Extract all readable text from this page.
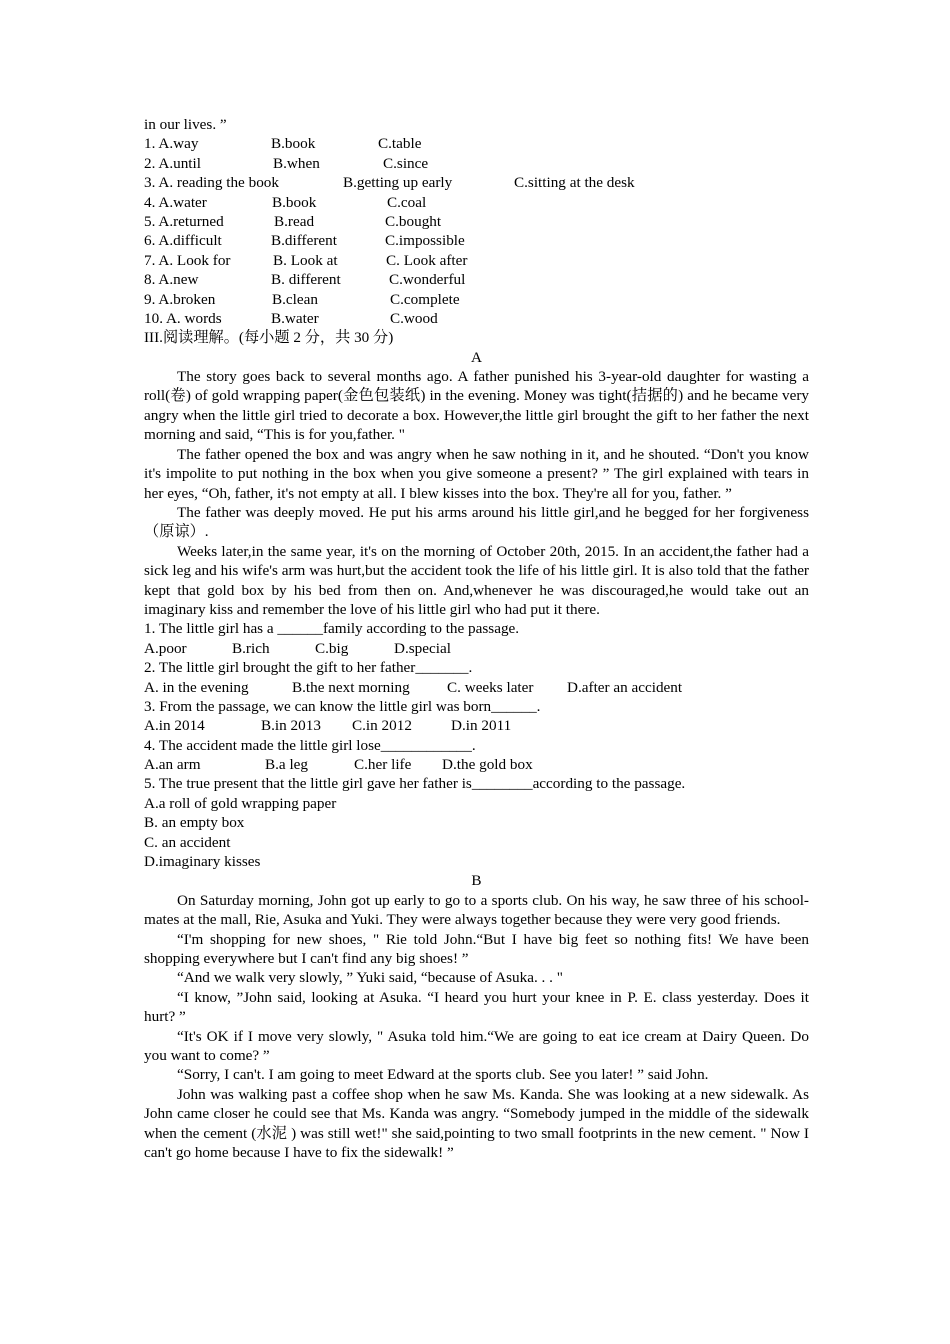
in our lives. ”
1. A.way	B.book	C.table
2. A.until	B.when	C.since
3. A. reading the book	B.getting up early	C.sitting at the desk
4. A.water	B.book	C.coal
5. A.returned	B.read	C.bought
6. A.difficult	B.different	C.impossible
7. A. Look for	B. Look at	C. Look after
8. A.new	B. different	C.wonderful
9. A.broken	B.clean	C.complete
10. A. words	B.water	C.wood
III.阅读理解。(每小题 2 分，共 30 分)
A
The story goes back to several months ago. A father punished his 3-year-old daughter for wasting a roll(卷) of gold wrapping paper(金色包装纸) in the evening. Money was tight(拮据的) and he became very angry when the little girl tried to decorate a box. However,the little girl brought the gift to her father the next morning and said, “This is for you,father. "
The father opened the box and was angry when he saw nothing in it, and he shouted. “Don't you know it's impolite to put nothing in the box when you give someone a present? ” The girl explained with tears in her eyes, “Oh, father, it's not empty at all. I blew kisses into the box. They're all for you, father. ”
The father was deeply moved. He put his arms around his little girl,and he begged for her forgiveness（原谅）.
Weeks later,in the same year, it's on the morning of October 20th, 2015. In an accident,the father had a sick leg and his wife's arm was hurt,but the accident took the life of his little girl. It is also told that the father kept that gold box by his bed from then on. And,whenever he was discouraged,he would take out an imaginary kiss and remember the love of his little girl who had put it there.
1. The little girl has a ______family according to the passage.
A.poor	B.rich	C.big	D.special
2. The little girl brought the gift to her father_______.
A. in the evening	B.the next morning C. weeks later D.after an accident
3. From the passage, we can know the little girl was born______.
A.in 2014	B.in 2013 C.in 2012	D.in 2011
4. The accident made the little girl lose____________.
A.an arm	B.a leg	C.her life D.the gold box
5. The true present that the little girl gave her father is________according to the passage.
A.a roll of gold wrapping paper
B. an empty box
C. an accident
D.imaginary kisses
B
On Saturday morning, John got up early to go to a sports club. On his way, he saw three of his school-mates at the mall, Rie, Asuka and Yuki. They were always together because they were very good friends.
“I'm shopping for new shoes, " Rie told John.“But I have big feet so nothing fits! We have been shopping everywhere but I can't find any big shoes! ”
“And we walk very slowly, ” Yuki said, “because of Asuka. . . "
“I know, ”John said, looking at Asuka. “I heard you hurt your knee in P. E. class yesterday. Does it hurt? ”
“It's OK if I move very slowly, " Asuka told him.“We are going to eat ice cream at Dairy Queen. Do you want to come? ”
“Sorry, I can't. I am going to meet Edward at the sports club. See you later! ” said John.
John was walking past a coffee shop when he saw Ms. Kanda. She was looking at a new sidewalk. As John came closer he could see that Ms. Kanda was angry. “Somebody jumped in the middle of the sidewalk when the cement (水泥 ) was still wet!" she said,pointing to two small footprints in the new cement. " Now I can't go home because I have to fix the sidewalk! ”
